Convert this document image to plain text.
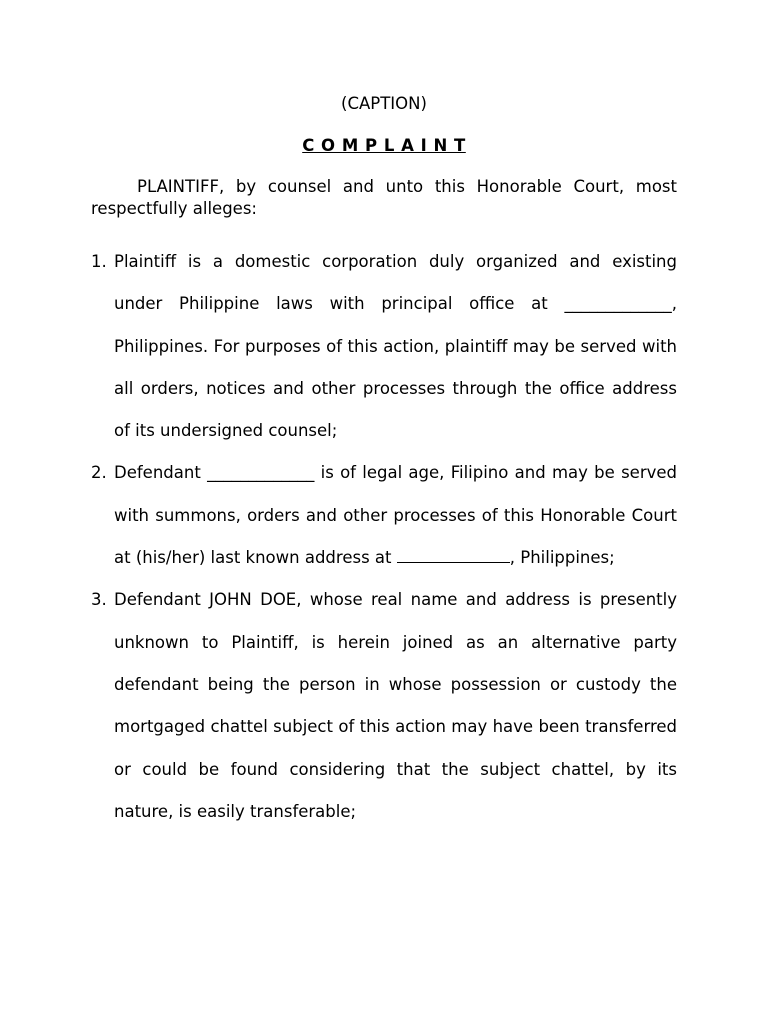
(CAPTION)
C O M P L A I N T
PLAINTIFF, by counsel and unto this Honorable Court, most respectfully alleges:
1. Plaintiff is a domestic corporation duly organized and existing under Philippine laws with principal office at _____________, Philippines. For purposes of this action, plaintiff may be served with all orders, notices and other processes through the office address of its undersigned counsel;
2. Defendant _____________ is of legal age, Filipino and may be served with summons, orders and other processes of this Honorable Court at (his/her) last known address at	, Philippines;
3. Defendant JOHN DOE, whose real name and address is presently unknown to Plaintiff, is herein joined as an alternative party defendant being the person in whose possession or custody the mortgaged chattel subject of this action may have been transferred or could be found considering that the subject chattel, by its nature, is easily transferable;
